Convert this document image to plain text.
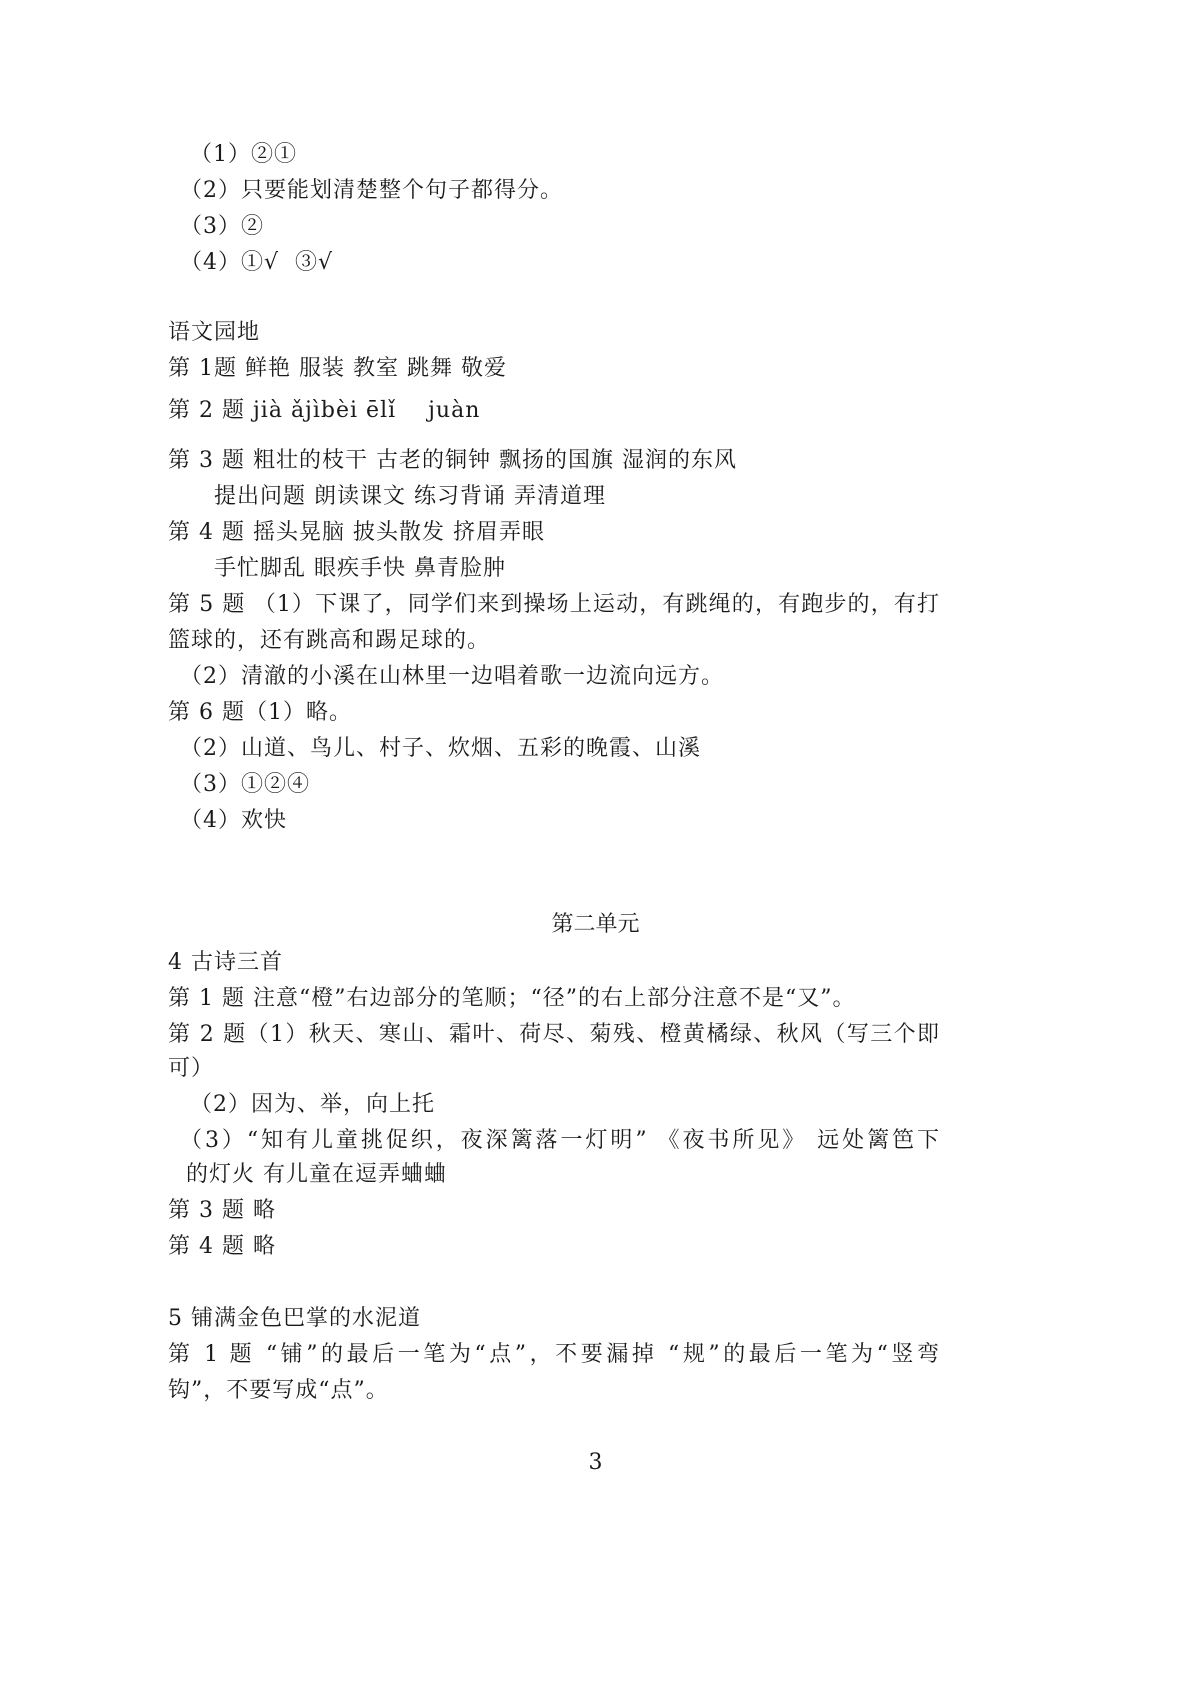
（1）②①
（2）只要能划清楚整个句子都得分。
（3）②
（4）①√  ③√
语文园地
第 1题 鲜艳 服装 教室 跳舞 敬爱
第 2 题 jià ǎjìbèi ēlǐ    juàn
第 3 题 粗壮的枝干 古老的铜钟 飘扬的国旗 湿润的东风
提出问题 朗读课文 练习背诵 弄清道理
第 4 题 摇头晃脑 披头散发 挤眉弄眼
手忙脚乱 眼疾手快 鼻青脸肿
第 5 题 （1）下课了，同学们来到操场上运动，有跳绳的，有跑步的，有打
篮球的，还有跳高和踢足球的。
（2）清澈的小溪在山林里一边唱着歌一边流向远方。
第 6 题（1）略。
（2）山道、鸟儿、村子、炊烟、五彩的晚霞、山溪
（3）①②④
（4）欢快
第二单元
4 古诗三首
第 1 题 注意“橙”右边部分的笔顺；“径”的右上部分注意不是“又”。
第 2 题（1）秋天、寒山、霜叶、荷尽、菊残、橙黄橘绿、秋风（写三个即
可）
（2）因为、举，向上托
（3）“知有儿童挑促织，夜深篱落一灯明” 《夜书所见》 远处篱笆下
的灯火 有儿童在逗弄蛐蛐
第 3 题 略
第 4 题 略
5 铺满金色巴掌的水泥道
第 1 题 “铺”的最后一笔为“点”，不要漏掉 “规”的最后一笔为“竖弯
钩”，不要写成“点”。
3
